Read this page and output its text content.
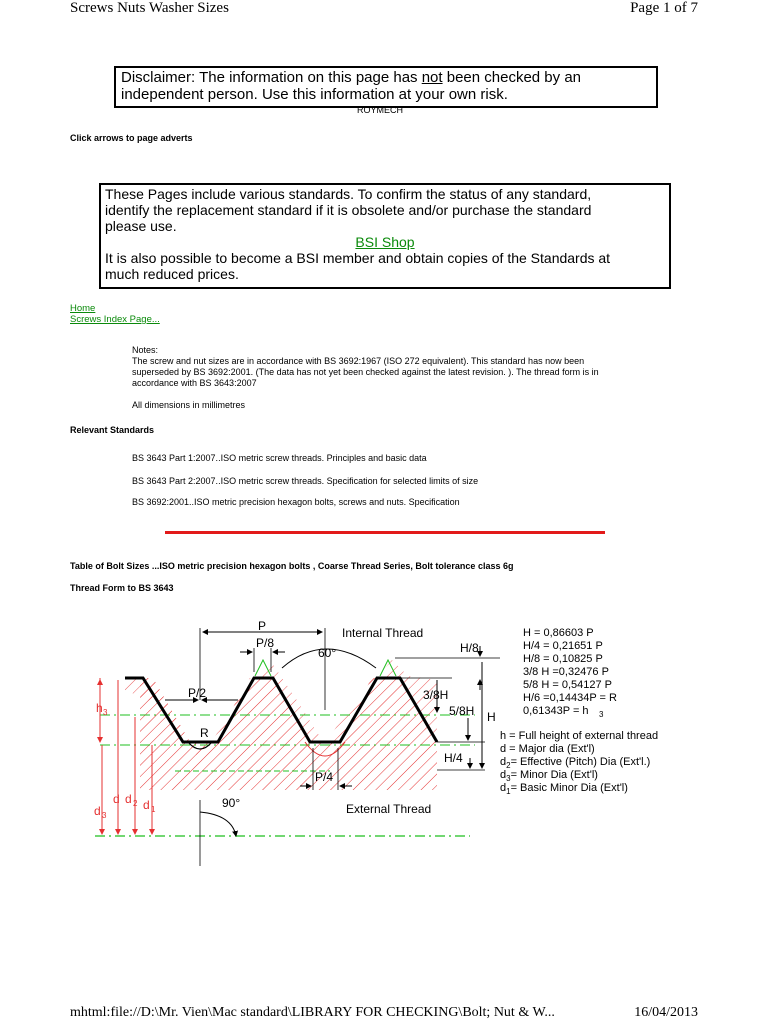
Screws Nuts Washer Sizes	Page 1 of 7
Disclaimer: The information on this page has not been checked by an
independent person. Use this information at your own risk.
ROYMECH
Click arrows to page adverts
These Pages include various standards. To confirm the status of any standard,
identify the replacement standard if it is obsolete and/or purchase the standard
please use.
BSI Shop
It is also possible to become a BSI member and obtain copies of the Standards at
much reduced prices.
Home
Screws Index Page...
Notes:
The screw and nut sizes are in accordance with BS 3692:1967 (ISO 272 equivalent). This standard has now been
superseded by BS 3692:2001. (The data has not yet been checked against the latest revision. ). The thread form is in
accordance with BS 3643:2007
All dimensions in millimetres
Relevant Standards
BS 3643 Part 1:2007..ISO metric screw threads. Principles and basic data
BS 3643 Part 2:2007..ISO metric screw threads. Specification for selected limits of size
BS 3692:2001..ISO metric precision hexagon bolts, screws and nuts. Specification
Table of Bolt Sizes ...ISO metric precision hexagon bolts , Coarse Thread Series, Bolt tolerance class 6g
Thread Form to BS 3643
P
P/8
60°
Internal Thread
P/2
R
P/4
90°	External Thread
H/8
3/8H
5/8H H
H/4
h 3
d d 2 d 1
d 3
H = 0,86603 P
H/4 = 0,21651 P
H/8 = 0,10825 P
3/8 H =0,32476 P
5/8 H = 0,54127 P
H/6 =0,14434P = R
0,61343P = h 3
h = Full height of external thread
d = Major dia (Ext'l)
$d_2=$ Effective (Pitch) Dia (Ext'l.)
$d_3=$ Minor Dia (Ext'l)
$d_1=$ Basic Minor Dia (Ext'l)
mhtml:file://D:\Mr. Vien\Mac standard\LIBRARY FOR CHECKING\Bolt; Nut & W...	16/04/2013
